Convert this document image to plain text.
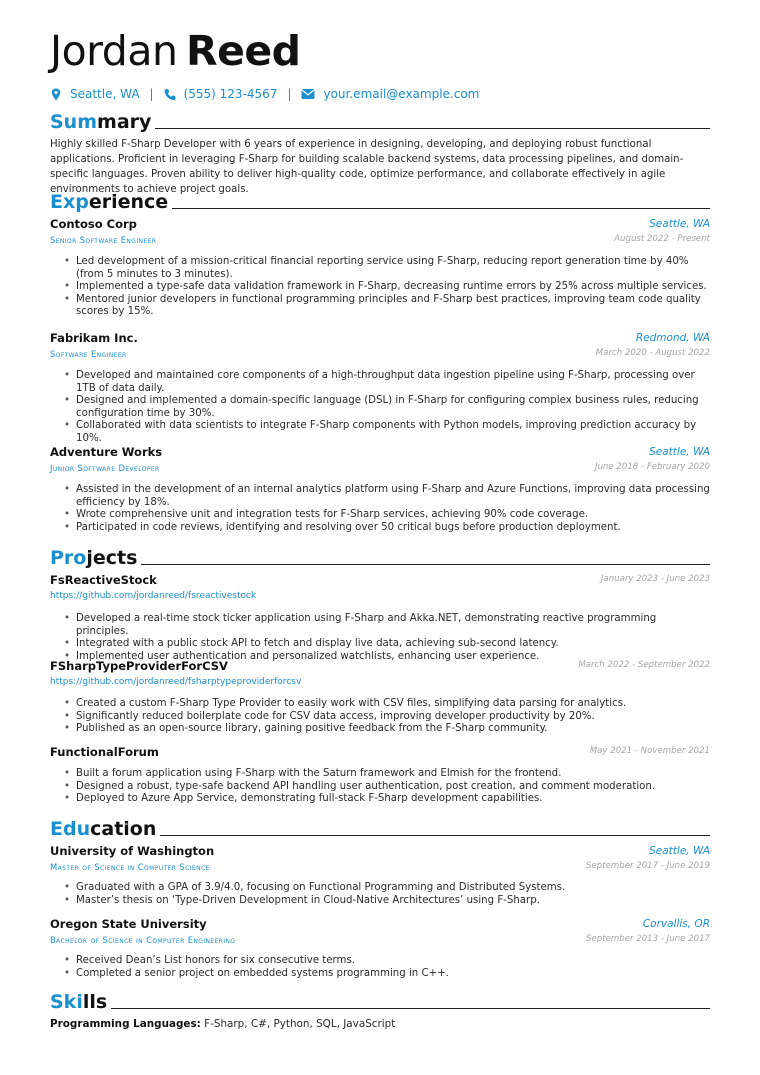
Jordan Reed
Seattle, WA |	(555) 123-4567 |	your.email@example.com
Summary
Highly skilled F-Sharp Developer with 6 years of experience in designing, developing, and deploying robust functional applications. Proficient in leveraging F-Sharp for building scalable backend systems, data processing pipelines, and domain-specific languages. Proven ability to deliver high-quality code, optimize performance, and collaborate effectively in agile environments to achieve project goals.
Experience
Contoso Corp	Seattle, WA
Senior Software Engineer	August 2022 - Present
• Led development of a mission-critical financial reporting service using F-Sharp, reducing report generation time by 40% (from 5 minutes to 3 minutes).
• Implemented a type-safe data validation framework in F-Sharp, decreasing runtime errors by 25% across multiple services.
• Mentored junior developers in functional programming principles and F-Sharp best practices, improving team code quality scores by 15%.
Fabrikam Inc.	Redmond, WA
Software Engineer	March 2020 - August 2022
• Developed and maintained core components of a high-throughput data ingestion pipeline using F-Sharp, processing over 1TB of data daily.
• Designed and implemented a domain-specific language (DSL) in F-Sharp for configuring complex business rules, reducing configuration time by 30%.
• Collaborated with data scientists to integrate F-Sharp components with Python models, improving prediction accuracy by 10%.
Adventure Works	Seattle, WA
Junior Software Developer	June 2018 - February 2020
• Assisted in the development of an internal analytics platform using F-Sharp and Azure Functions, improving data processing efficiency by 18%.
• Wrote comprehensive unit and integration tests for F-Sharp services, achieving 90% code coverage.
• Participated in code reviews, identifying and resolving over 50 critical bugs before production deployment.
Projects
FsReactiveStock	January 2023 - June 2023
https://github.com/jordanreed/fsreactivestock
• Developed a real-time stock ticker application using F-Sharp and Akka.NET, demonstrating reactive programming principles.
• Integrated with a public stock API to fetch and display live data, achieving sub-second latency.
• Implemented user authentication and personalized watchlists, enhancing user experience.
FSharpTypeProviderForCSV	March 2022 - September 2022
https://github.com/jordanreed/fsharptypeproviderforcsv
• Created a custom F-Sharp Type Provider to easily work with CSV files, simplifying data parsing for analytics.
• Significantly reduced boilerplate code for CSV data access, improving developer productivity by 20%.
• Published as an open-source library, gaining positive feedback from the F-Sharp community.
FunctionalForum	May 2021 - November 2021
• Built a forum application using F-Sharp with the Saturn framework and Elmish for the frontend.
• Designed a robust, type-safe backend API handling user authentication, post creation, and comment moderation.
• Deployed to Azure App Service, demonstrating full-stack F-Sharp development capabilities.
Education
University of Washington	Seattle, WA
Master of Science in Computer Science	September 2017 - June 2019
• Graduated with a GPA of 3.9/4.0, focusing on Functional Programming and Distributed Systems.
• Master’s thesis on ‘Type-Driven Development in Cloud-Native Architectures’ using F-Sharp.
Oregon State University	Corvallis, OR
Bachelor of Science in Computer Engineering	September 2013 - June 2017
• Received Dean’s List honors for six consecutive terms.
• Completed a senior project on embedded systems programming in C++.
Skills
Programming Languages: F-Sharp, C#, Python, SQL, JavaScript
